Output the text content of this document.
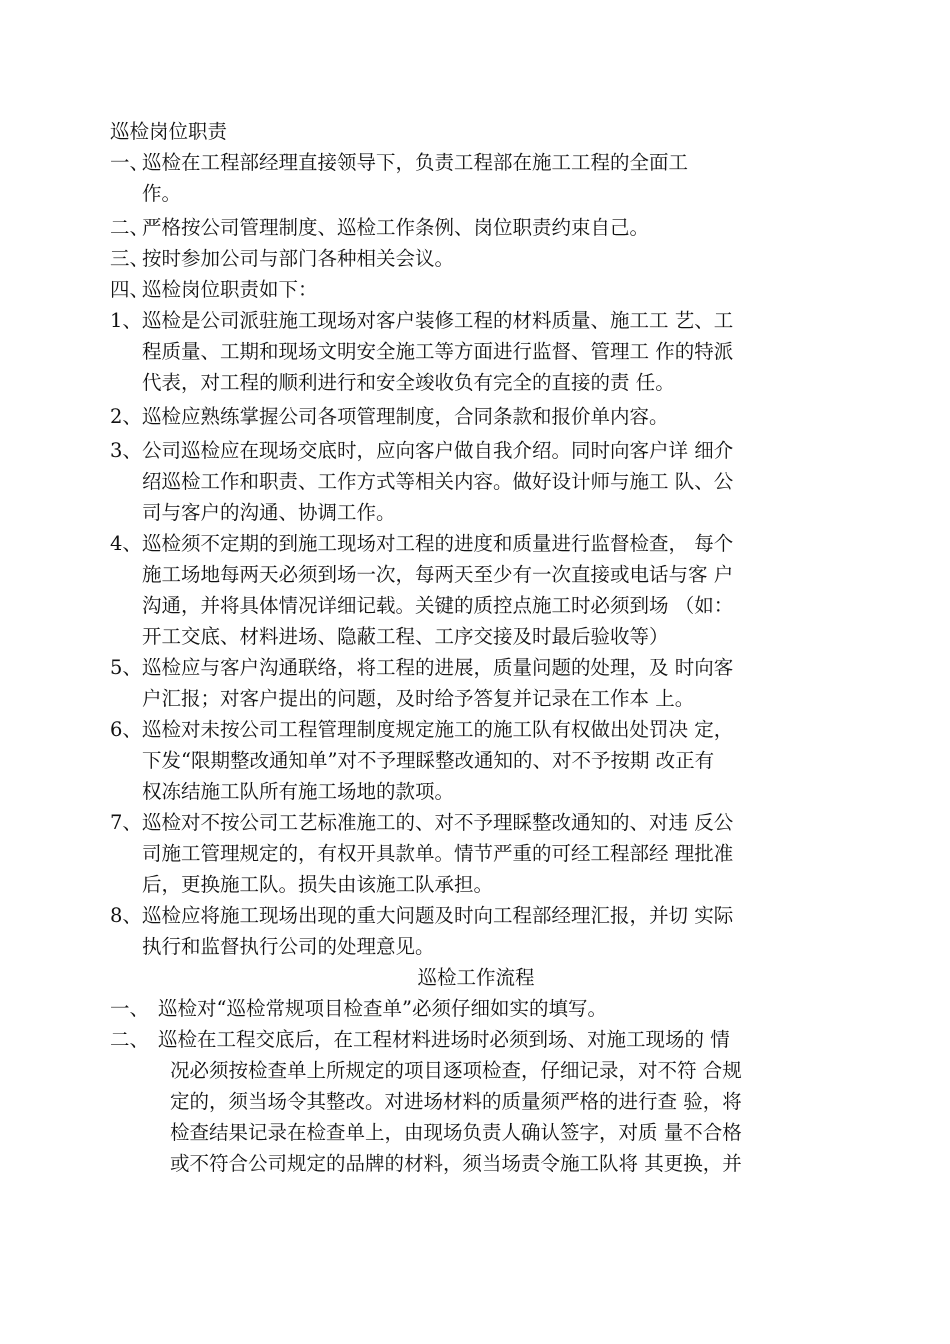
巡检岗位职责

一、
巡检在工程部经理直接领导下，负责工程部在施工工程的全面工
作。
二、
严格按公司管理制度、巡检工作条例、岗位职责约束自己。
三、
按时参加公司与部门各种相关会议。
四、
巡检岗位职责如下：
1、 巡检是公司派驻施工现场对客户装修工程的材料质量、施工工 艺、工
程质量、工期和现场文明安全施工等方面进行监督、管理工 作的特派
代表，对工程的顺利进行和安全竣收负有完全的直接的责 任。
2、 巡检应熟练掌握公司各项管理制度，合同条款和报价单内容。
3、 公司巡检应在现场交底时，应向客户做自我介绍。同时向客户详 细介
绍巡检工作和职责、工作方式等相关内容。做好设计师与施工 队、公
司与客户的沟通、协调工作。
4、 巡检须不定期的到施工现场对工程的进度和质量进行监督检查， 每个
施工场地每两天必须到场一次，每两天至少有一次直接或电话与客 户
沟通，并将具体情况详细记载。关键的质控点施工时必须到场 （如：
开工交底、材料进场、隐蔽工程、工序交接及时最后验收等）
5、 巡检应与客户沟通联络，将工程的进展，质量问题的处理，及 时向客
户汇报；对客户提出的问题，及时给予答复并记录在工作本 上。
6、 巡检对未按公司工程管理制度规定施工的施工队有权做出处罚决 定，
下发“限期整改通知单”对不予理睬整改通知的、对不予按期 改正有
权冻结施工队所有施工场地的款项。
7、 巡检对不按公司工艺标准施工的、对不予理睬整改通知的、对违 反公
司施工管理规定的，有权开具款单。情节严重的可经工程部经 理批准
后，更换施工队。损失由该施工队承担。
8、 巡检应将施工现场出现的重大问题及时向工程部经理汇报，并切 实际
执行和监督执行公司的处理意见。

巡检工作流程

一、 巡检对“巡检常规项目检查单”必须仔细如实的填写。
二、 巡检在工程交底后，在工程材料进场时必须到场、对施工现场的 情
况必须按检查单上所规定的项目逐项检查，仔细记录，对不符 合规
定的，须当场令其整改。对进场材料的质量须严格的进行查 验，将
检查结果记录在检查单上，由现场负责人确认签字，对质 量不合格
或不符合公司规定的品牌的材料，须当场责令施工队将 其更换，并
